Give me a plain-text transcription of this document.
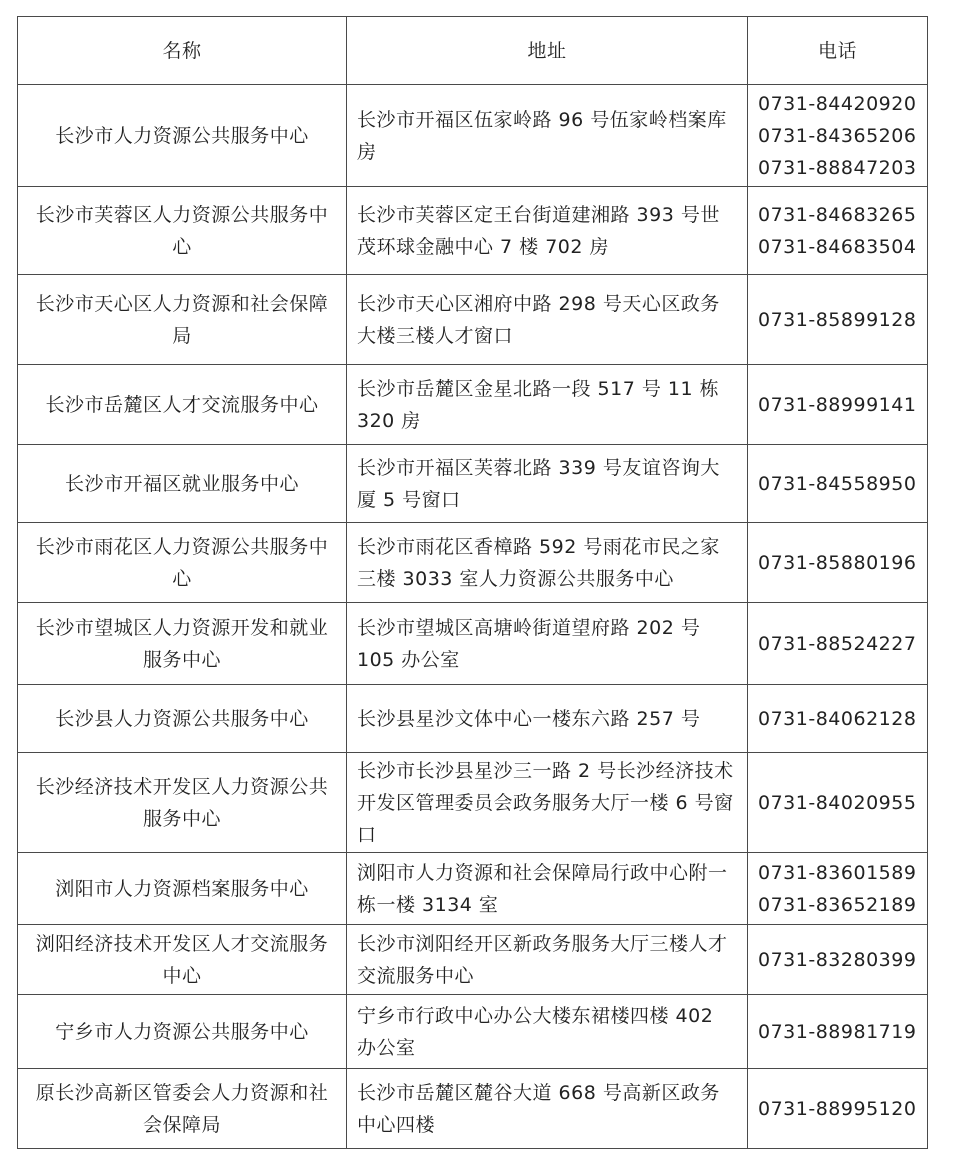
名称	地址	电话
长沙市人力资源公共服务中心	长沙市开福区伍家岭路 96 号伍家岭档案库房	0731-84420920
0731-84365206
0731-88847203

长沙市芙蓉区人力资源公共服务中心	长沙市芙蓉区定王台街道建湘路 393 号世茂环球金融中心 7 楼 702 房	0731-84683265
0731-84683504

长沙市天心区人力资源和社会保障局	长沙市天心区湘府中路 298 号天心区政务大楼三楼人才窗口	0731-85899128

长沙市岳麓区人才交流服务中心	长沙市岳麓区金星北路一段 517 号 11 栋 320 房	0731-88999141

长沙市开福区就业服务中心	长沙市开福区芙蓉北路 339 号友谊咨询大厦 5 号窗口	0731-84558950

长沙市雨花区人力资源公共服务中心	长沙市雨花区香樟路 592 号雨花市民之家三楼 3033 室人力资源公共服务中心	0731-85880196

长沙市望城区人力资源开发和就业服务中心	长沙市望城区高塘岭街道望府路 202 号 105 办公室	0731-88524227

长沙县人力资源公共服务中心	长沙县星沙文体中心一楼东六路 257 号	0731-84062128

长沙经济技术开发区人力资源公共服务中心	长沙市长沙县星沙三一路 2 号长沙经济技术开发区管理委员会政务服务大厅一楼 6 号窗口	0731-84020955

浏阳市人力资源档案服务中心	浏阳市人力资源和社会保障局行政中心附一栋一楼 3134 室	0731-83601589
0731-83652189

浏阳经济技术开发区人才交流服务中心	长沙市浏阳经开区新政务服务大厅三楼人才交流服务中心	0731-83280399

宁乡市人力资源公共服务中心	宁乡市行政中心办公大楼东裙楼四楼 402 办公室	0731-88981719

原长沙高新区管委会人力资源和社会保障局	长沙市岳麓区麓谷大道 668 号高新区政务中心四楼	0731-88995120
